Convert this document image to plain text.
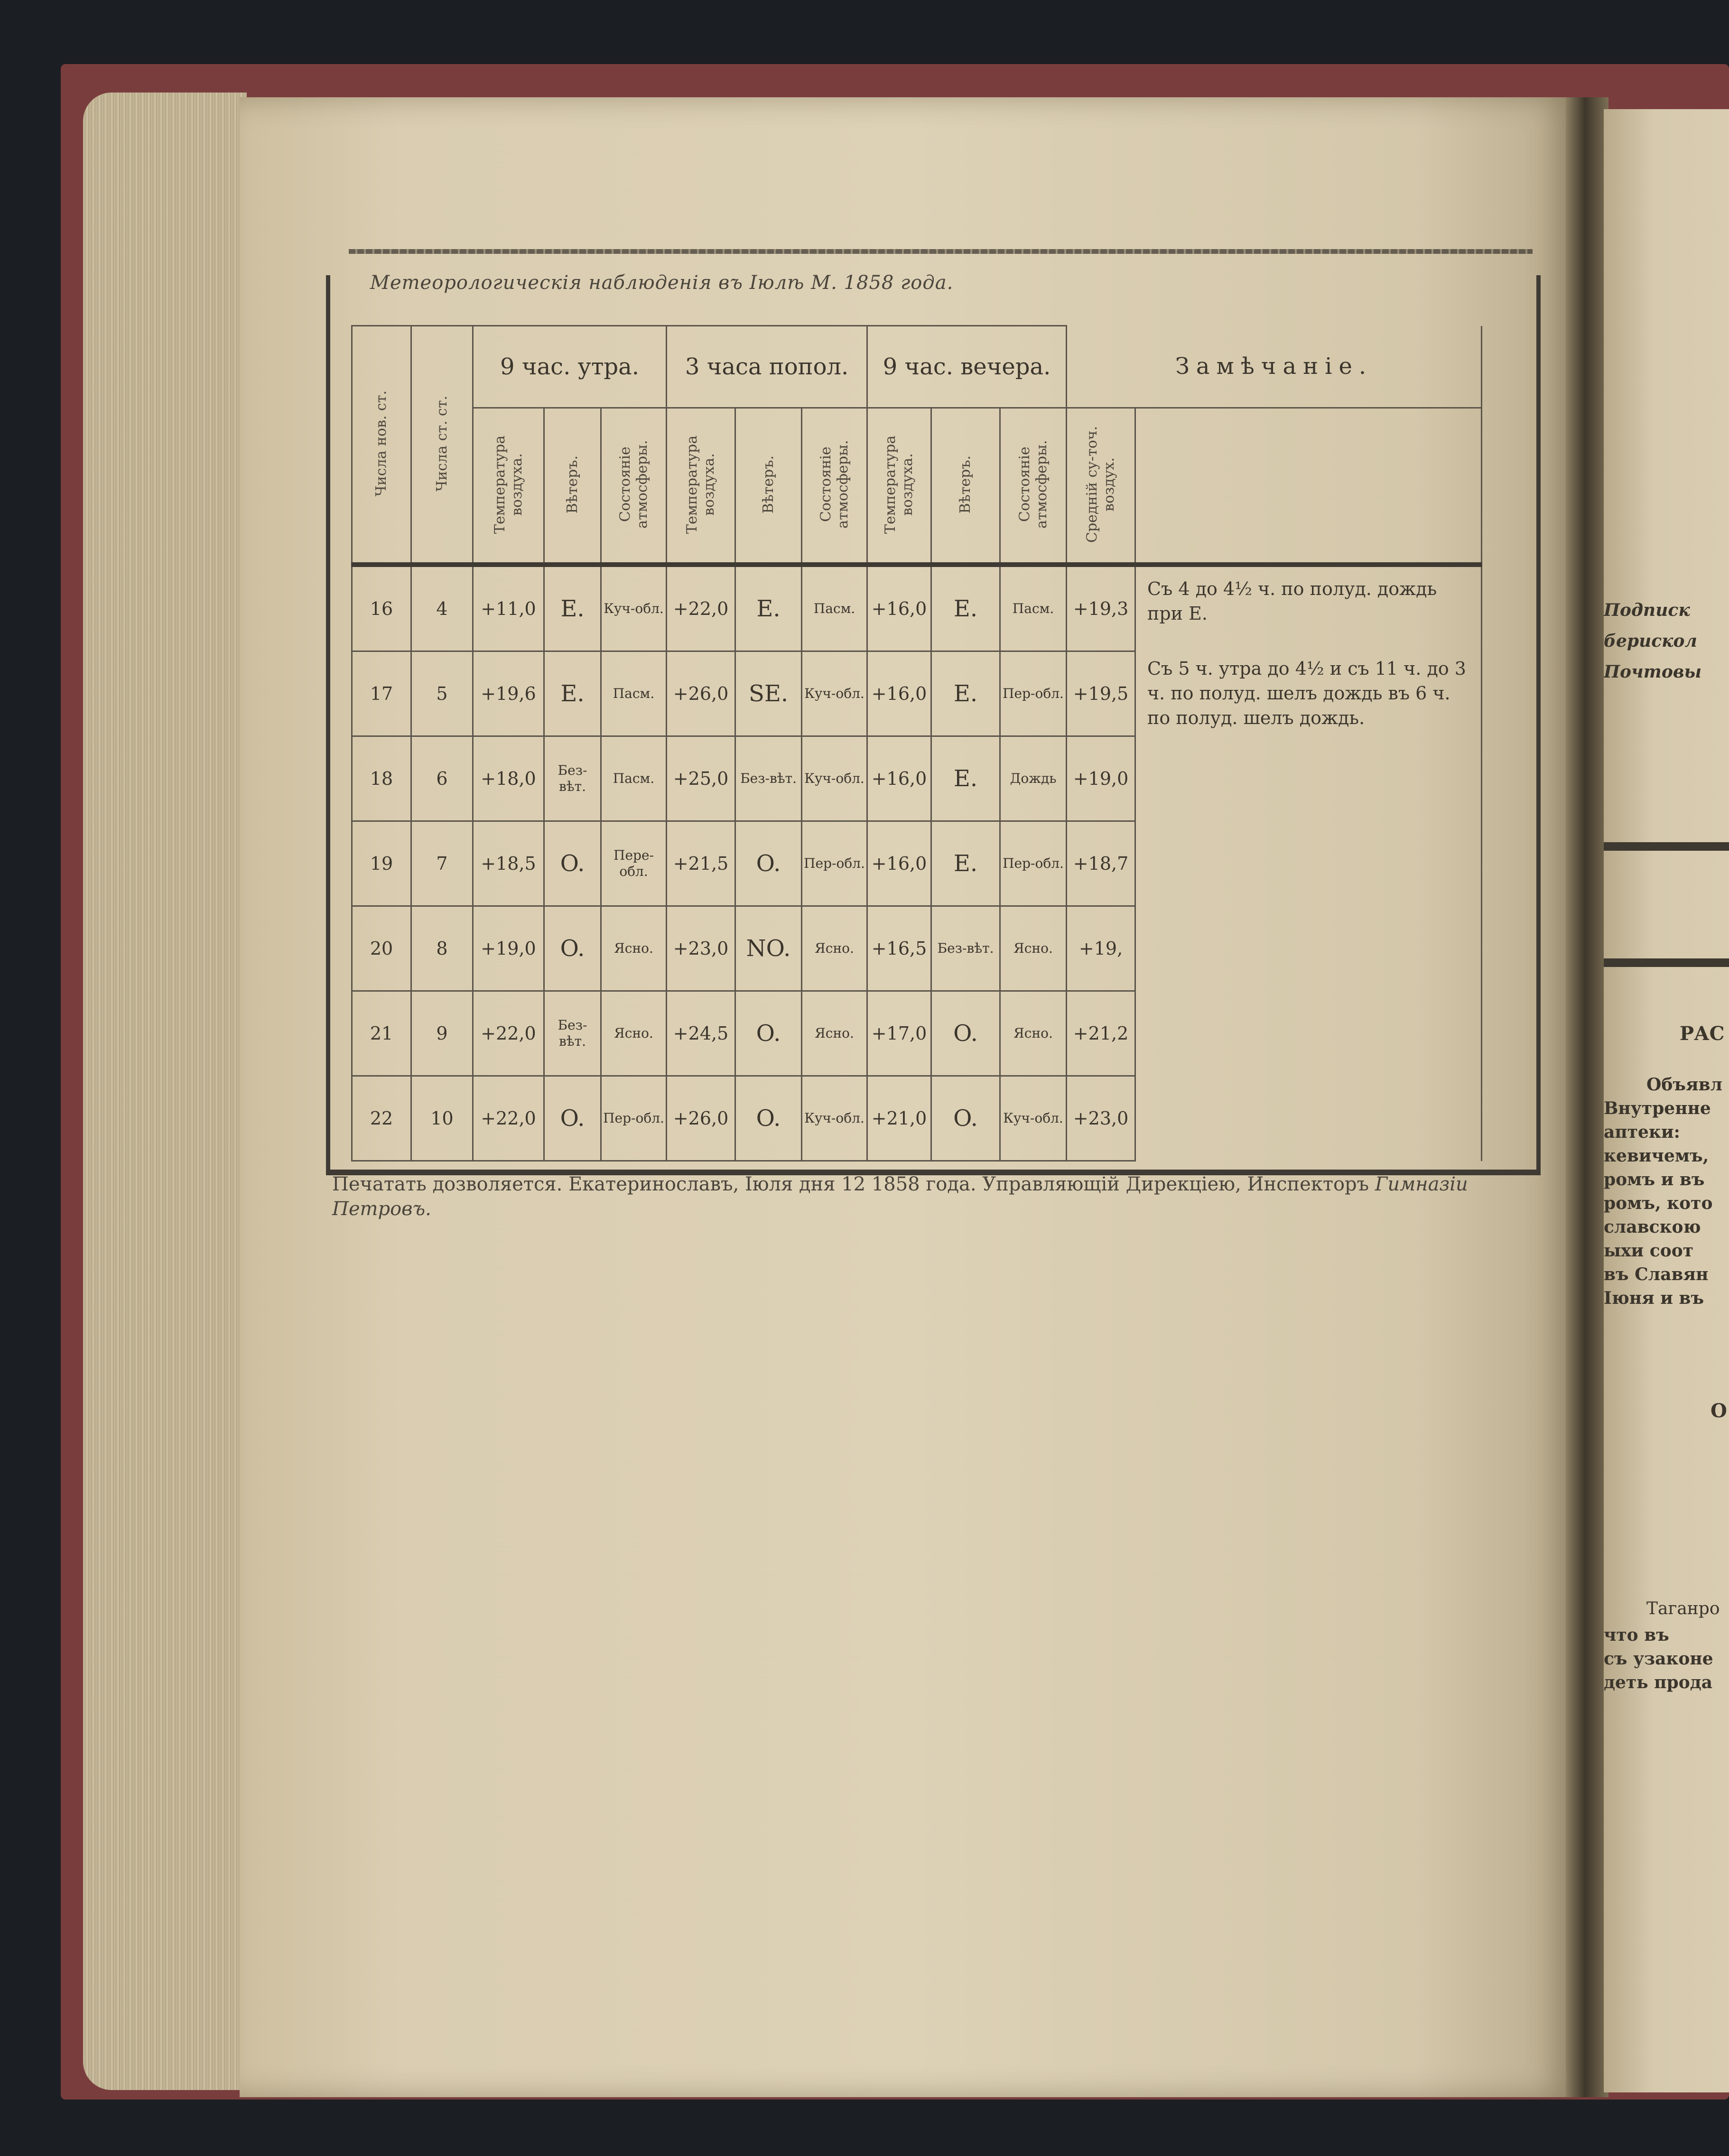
Метеорологическiя наблюденiя въ Iюлѣ М. 1858 года.
Числа нов. ст.	Числа ст. ст.	9 час. утра.			3 часа попол.			9 час. вечера.			Замѣчанiе.	
		Температура воздуха.	Вѣтеръ.	Состоянiе атмосферы.	Температура воздуха.	Вѣтеръ.	Состоянiе атмосферы.	Температура воздуха.	Вѣтеръ.	Состоянiе атмосферы.	Средній су-точ. воздух.	
16	4	+11,0	E.	Куч-обл.	+22,0	E.	Пасм.	+16,0	E.	Пасм.	+19,3	Съ 4 до 4½ ч. по полуд. дождь при E.
Съ 5 ч. утра до 4½ и съ 11 ч. до 3 ч. по полуд. шелъ дождь въ 6 ч. по полуд. шелъ дождь.

17	5	+19,6	E.	Пасм.	+26,0	SE.	Куч-обл.	+16,0	E.	Пер-обл.	+19,5	
18	6	+18,0	Без-вѣт.	Пасм.	+25,0	Без-вѣт.	Куч-обл.	+16,0	E.	Дождь	+19,0	
19	7	+18,5	O.	Пере-обл.	+21,5	O.	Пер-обл.	+16,0	E.	Пер-обл.	+18,7	
20	8	+19,0	O.	Ясно.	+23,0	NO.	Ясно.	+16,5	Без-вѣт.	Ясно.	+19,	
21	9	+22,0	Без-вѣт.	Ясно.	+24,5	O.	Ясно.	+17,0	O.	Ясно.	+21,2	
22	10	+22,0	O.	Пер-обл.	+26,0	O.	Куч-обл.	+21,0	O.	Куч-обл.	+23,0	
Печатать дозволяется. Екатеринославъ, Iюля дня 12 1858 года. Управляющiй Дирекцiею, Инспекторъ Гимназiи Петровъ.
Подписк
берискол
Почтовы
РАС
Объявл
Внутренне
аптеки:
кевичемъ,
ромъ и въ
ромъ, кото
славскою
ыхи соот
въ Славян
Iюня и въ
О
Таганро
что въ
съ узаконе
деть прода
